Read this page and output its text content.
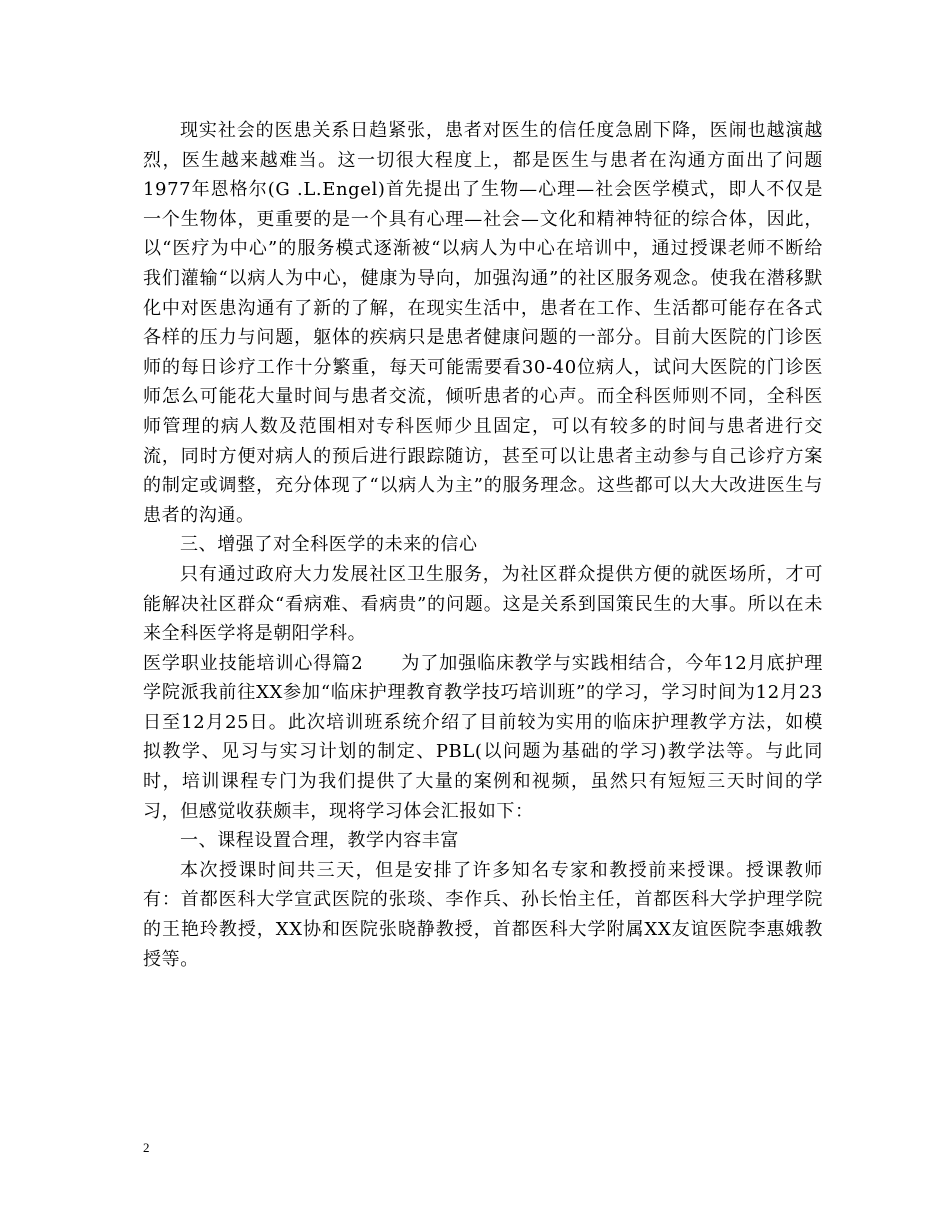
现实社会的医患关系日趋紧张，患者对医生的信任度急剧下降，医闹也越演越烈，医生越来越难当。这一切很大程度上，都是医生与患者在沟通方面出了问题1977年恩格尔(G .L.Engel)首先提出了生物—心理—社会医学模式，即人不仅是一个生物体，更重要的是一个具有心理—社会—文化和精神特征的综合体，因此，以“医疗为中心”的服务模式逐渐被“以病人为中心在培训中，通过授课老师不断给我们灌输“以病人为中心，健康为导向，加强沟通”的社区服务观念。使我在潜移默化中对医患沟通有了新的了解，在现实生活中，患者在工作、生活都可能存在各式各样的压力与问题，躯体的疾病只是患者健康问题的一部分。目前大医院的门诊医师的每日诊疗工作十分繁重，每天可能需要看30-40位病人，试问大医院的门诊医师怎么可能花大量时间与患者交流，倾听患者的心声。而全科医师则不同，全科医师管理的病人数及范围相对专科医师少且固定，可以有较多的时间与患者进行交流，同时方便对病人的预后进行跟踪随访，甚至可以让患者主动参与自己诊疗方案的制定或调整，充分体现了“以病人为主”的服务理念。这些都可以大大改进医生与患者的沟通。

三、增强了对全科医学的未来的信心

只有通过政府大力发展社区卫生服务，为社区群众提供方便的就医场所，才可能解决社区群众“看病难、看病贵”的问题。这是关系到国策民生的大事。所以在未来全科医学将是朝阳学科。

医学职业技能培训心得篇2　　为了加强临床教学与实践相结合，今年12月底护理学院派我前往XX参加“临床护理教育教学技巧培训班”的学习，学习时间为12月23日至12月25日。此次培训班系统介绍了目前较为实用的临床护理教学方法，如模拟教学、见习与实习计划的制定、PBL(以问题为基础的学习)教学法等。与此同时，培训课程专门为我们提供了大量的案例和视频，虽然只有短短三天时间的学习，但感觉收获颇丰，现将学习体会汇报如下：

一、课程设置合理，教学内容丰富

本次授课时间共三天，但是安排了许多知名专家和教授前来授课。授课教师有：首都医科大学宣武医院的张琰、李作兵、孙长怡主任，首都医科大学护理学院的王艳玲教授，XX协和医院张晓静教授，首都医科大学附属XX友谊医院李惠娥教授等。

2
